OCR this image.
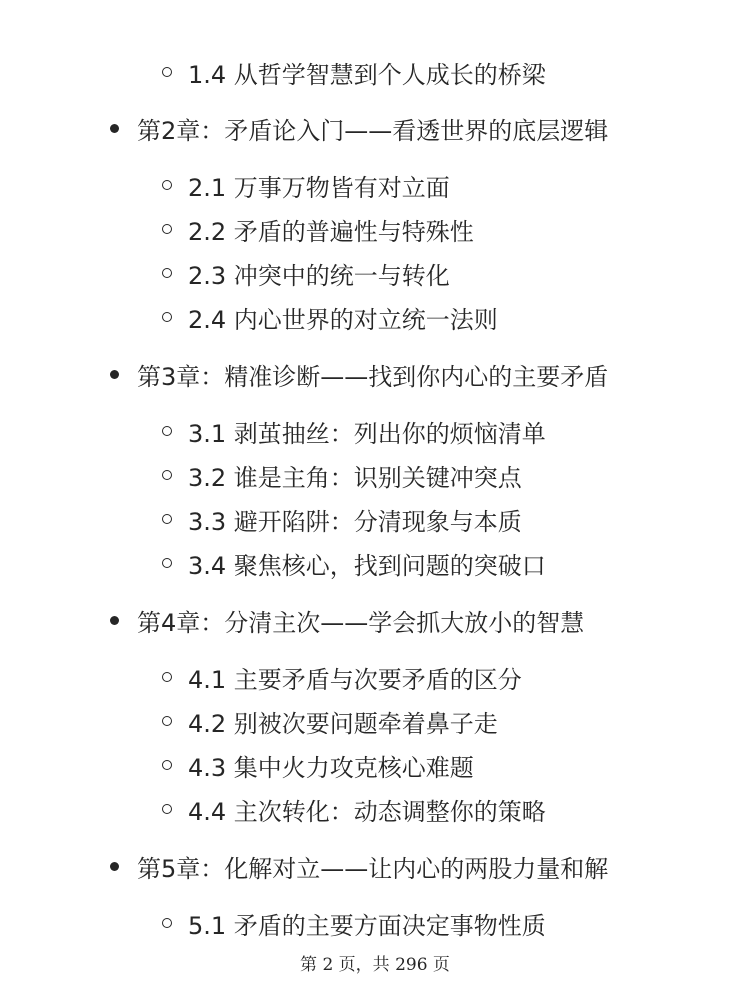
1.4 从哲学智慧到个人成长的桥梁
第2章：矛盾论入门——看透世界的底层逻辑
2.1 万事万物皆有对立面
2.2 矛盾的普遍性与特殊性
2.3 冲突中的统一与转化
2.4 内心世界的对立统一法则
第3章：精准诊断——找到你内心的主要矛盾
3.1 剥茧抽丝：列出你的烦恼清单
3.2 谁是主角：识别关键冲突点
3.3 避开陷阱：分清现象与本质
3.4 聚焦核心，找到问题的突破口
第4章：分清主次——学会抓大放小的智慧
4.1 主要矛盾与次要矛盾的区分
4.2 别被次要问题牵着鼻子走
4.3 集中火力攻克核心难题
4.4 主次转化：动态调整你的策略
第5章：化解对立——让内心的两股力量和解
5.1 矛盾的主要方面决定事物性质
第 2 页，共 296 页
